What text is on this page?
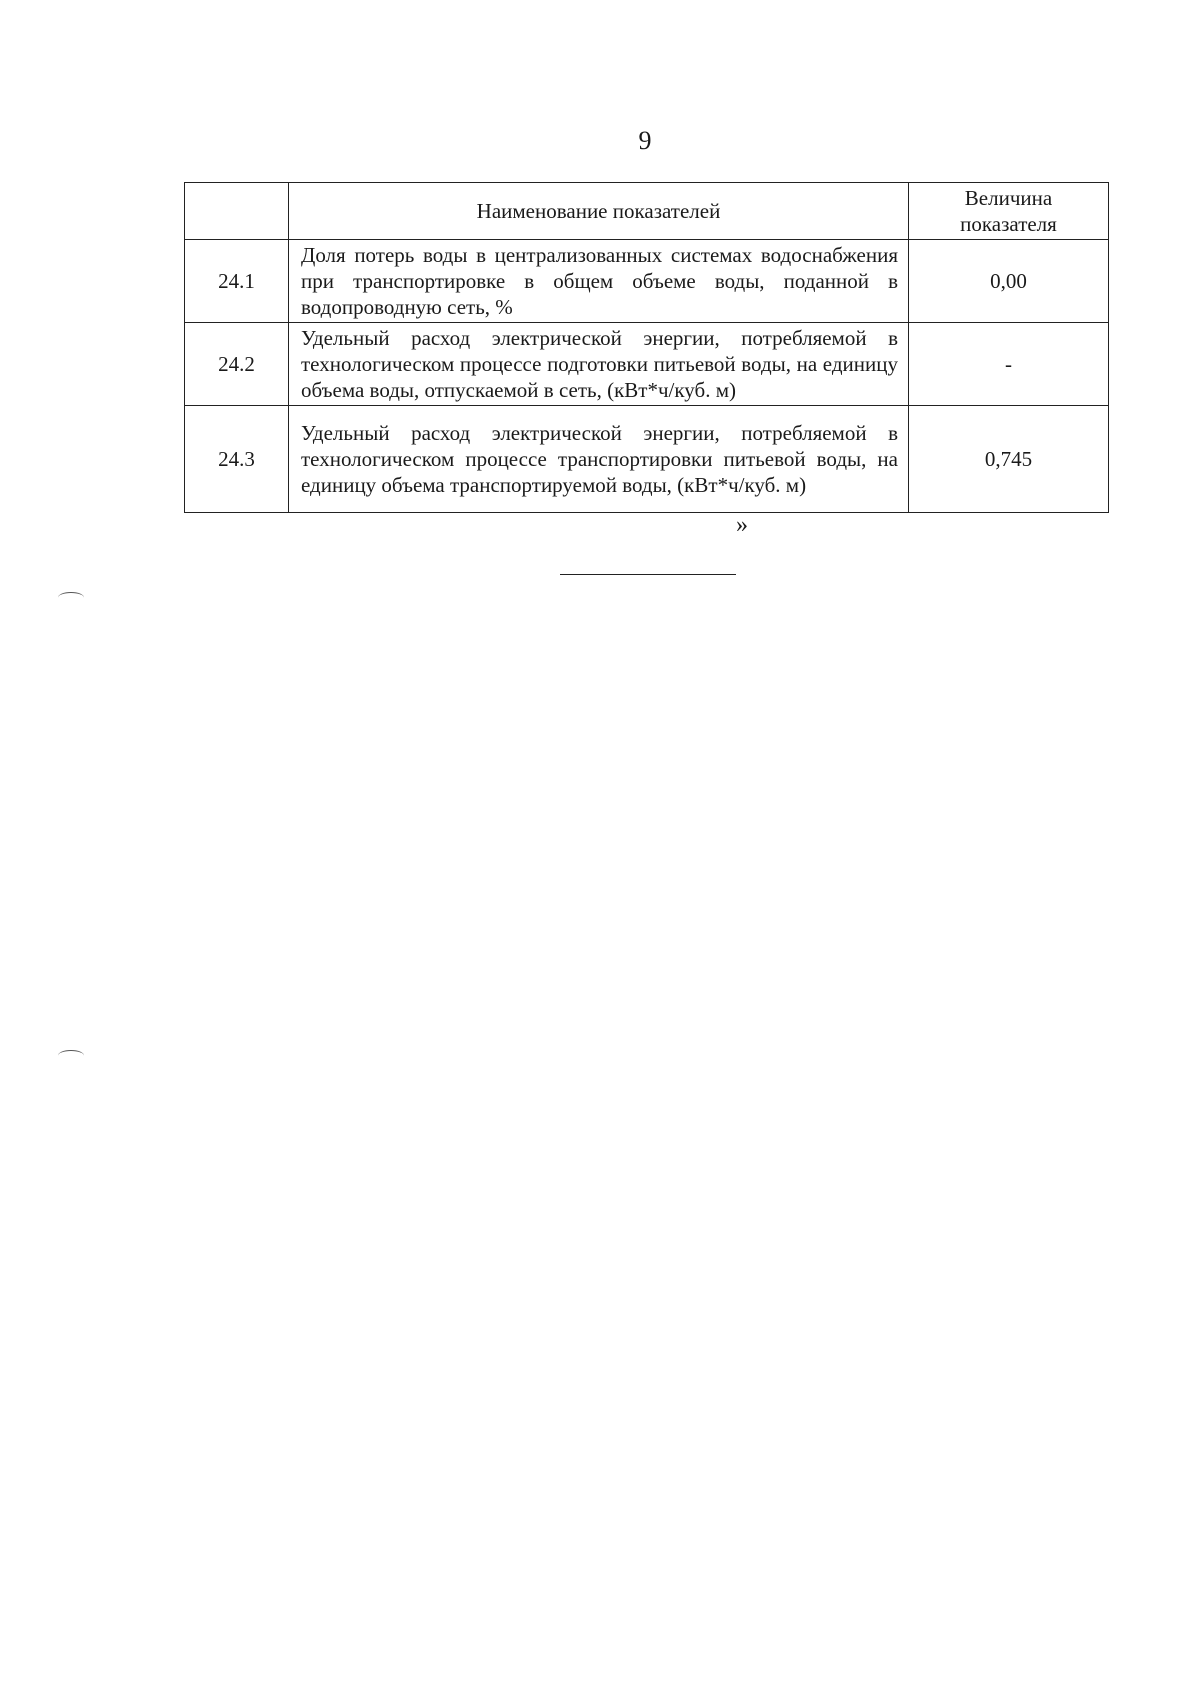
9
	Наименование показателей	Величина
показателя

24.1	Доля потерь воды в централизованных системах водоснабжения при транспортировке в общем объеме воды, поданной в водопроводную сеть, %	0,00
24.2	Удельный расход электрической энергии, потребляемой в технологическом процессе подготовки питьевой воды, на единицу объема воды, отпускаемой в сеть, (кВт*ч/куб. м)	-
24.3	Удельный расход электрической энергии, потребляемой в технологическом процессе транспортировки питьевой воды, на единицу объема транспортируемой воды, (кВт*ч/куб. м)	0,745
»
